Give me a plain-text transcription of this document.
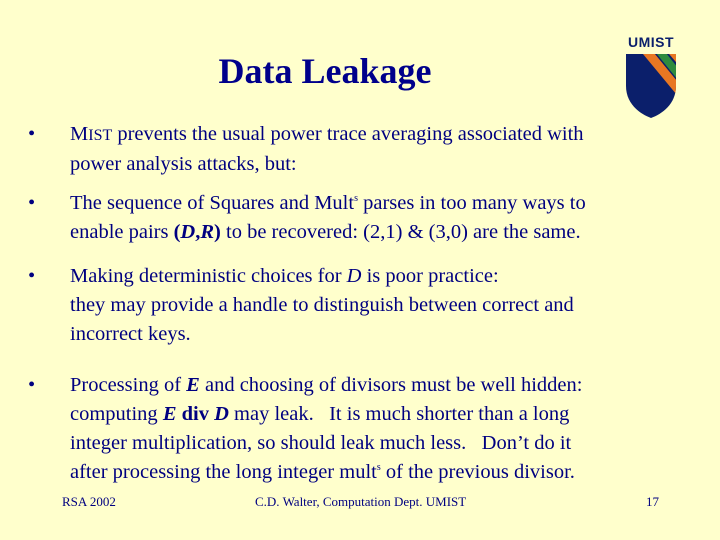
Data Leakage
UMIST
• MIST prevents the usual power trace averaging associated with
power analysis attacks, but:
• The sequence of Squares and Mult$^s$ parses in too many ways to
enable pairs (D,R) to be recovered: (2,1) & (3,0) are the same.
• Making deterministic choices for D is poor practice:
they may provide a handle to distinguish between correct and
incorrect keys.
• Processing of E and choosing of divisors must be well hidden:
computing E div D may leak.   It is much shorter than a long
integer multiplication, so should leak much less.   Don’t do it
after processing the long integer mult$^s$ of the previous divisor.
RSA 2002	C.D. Walter, Computation Dept. UMIST	17
